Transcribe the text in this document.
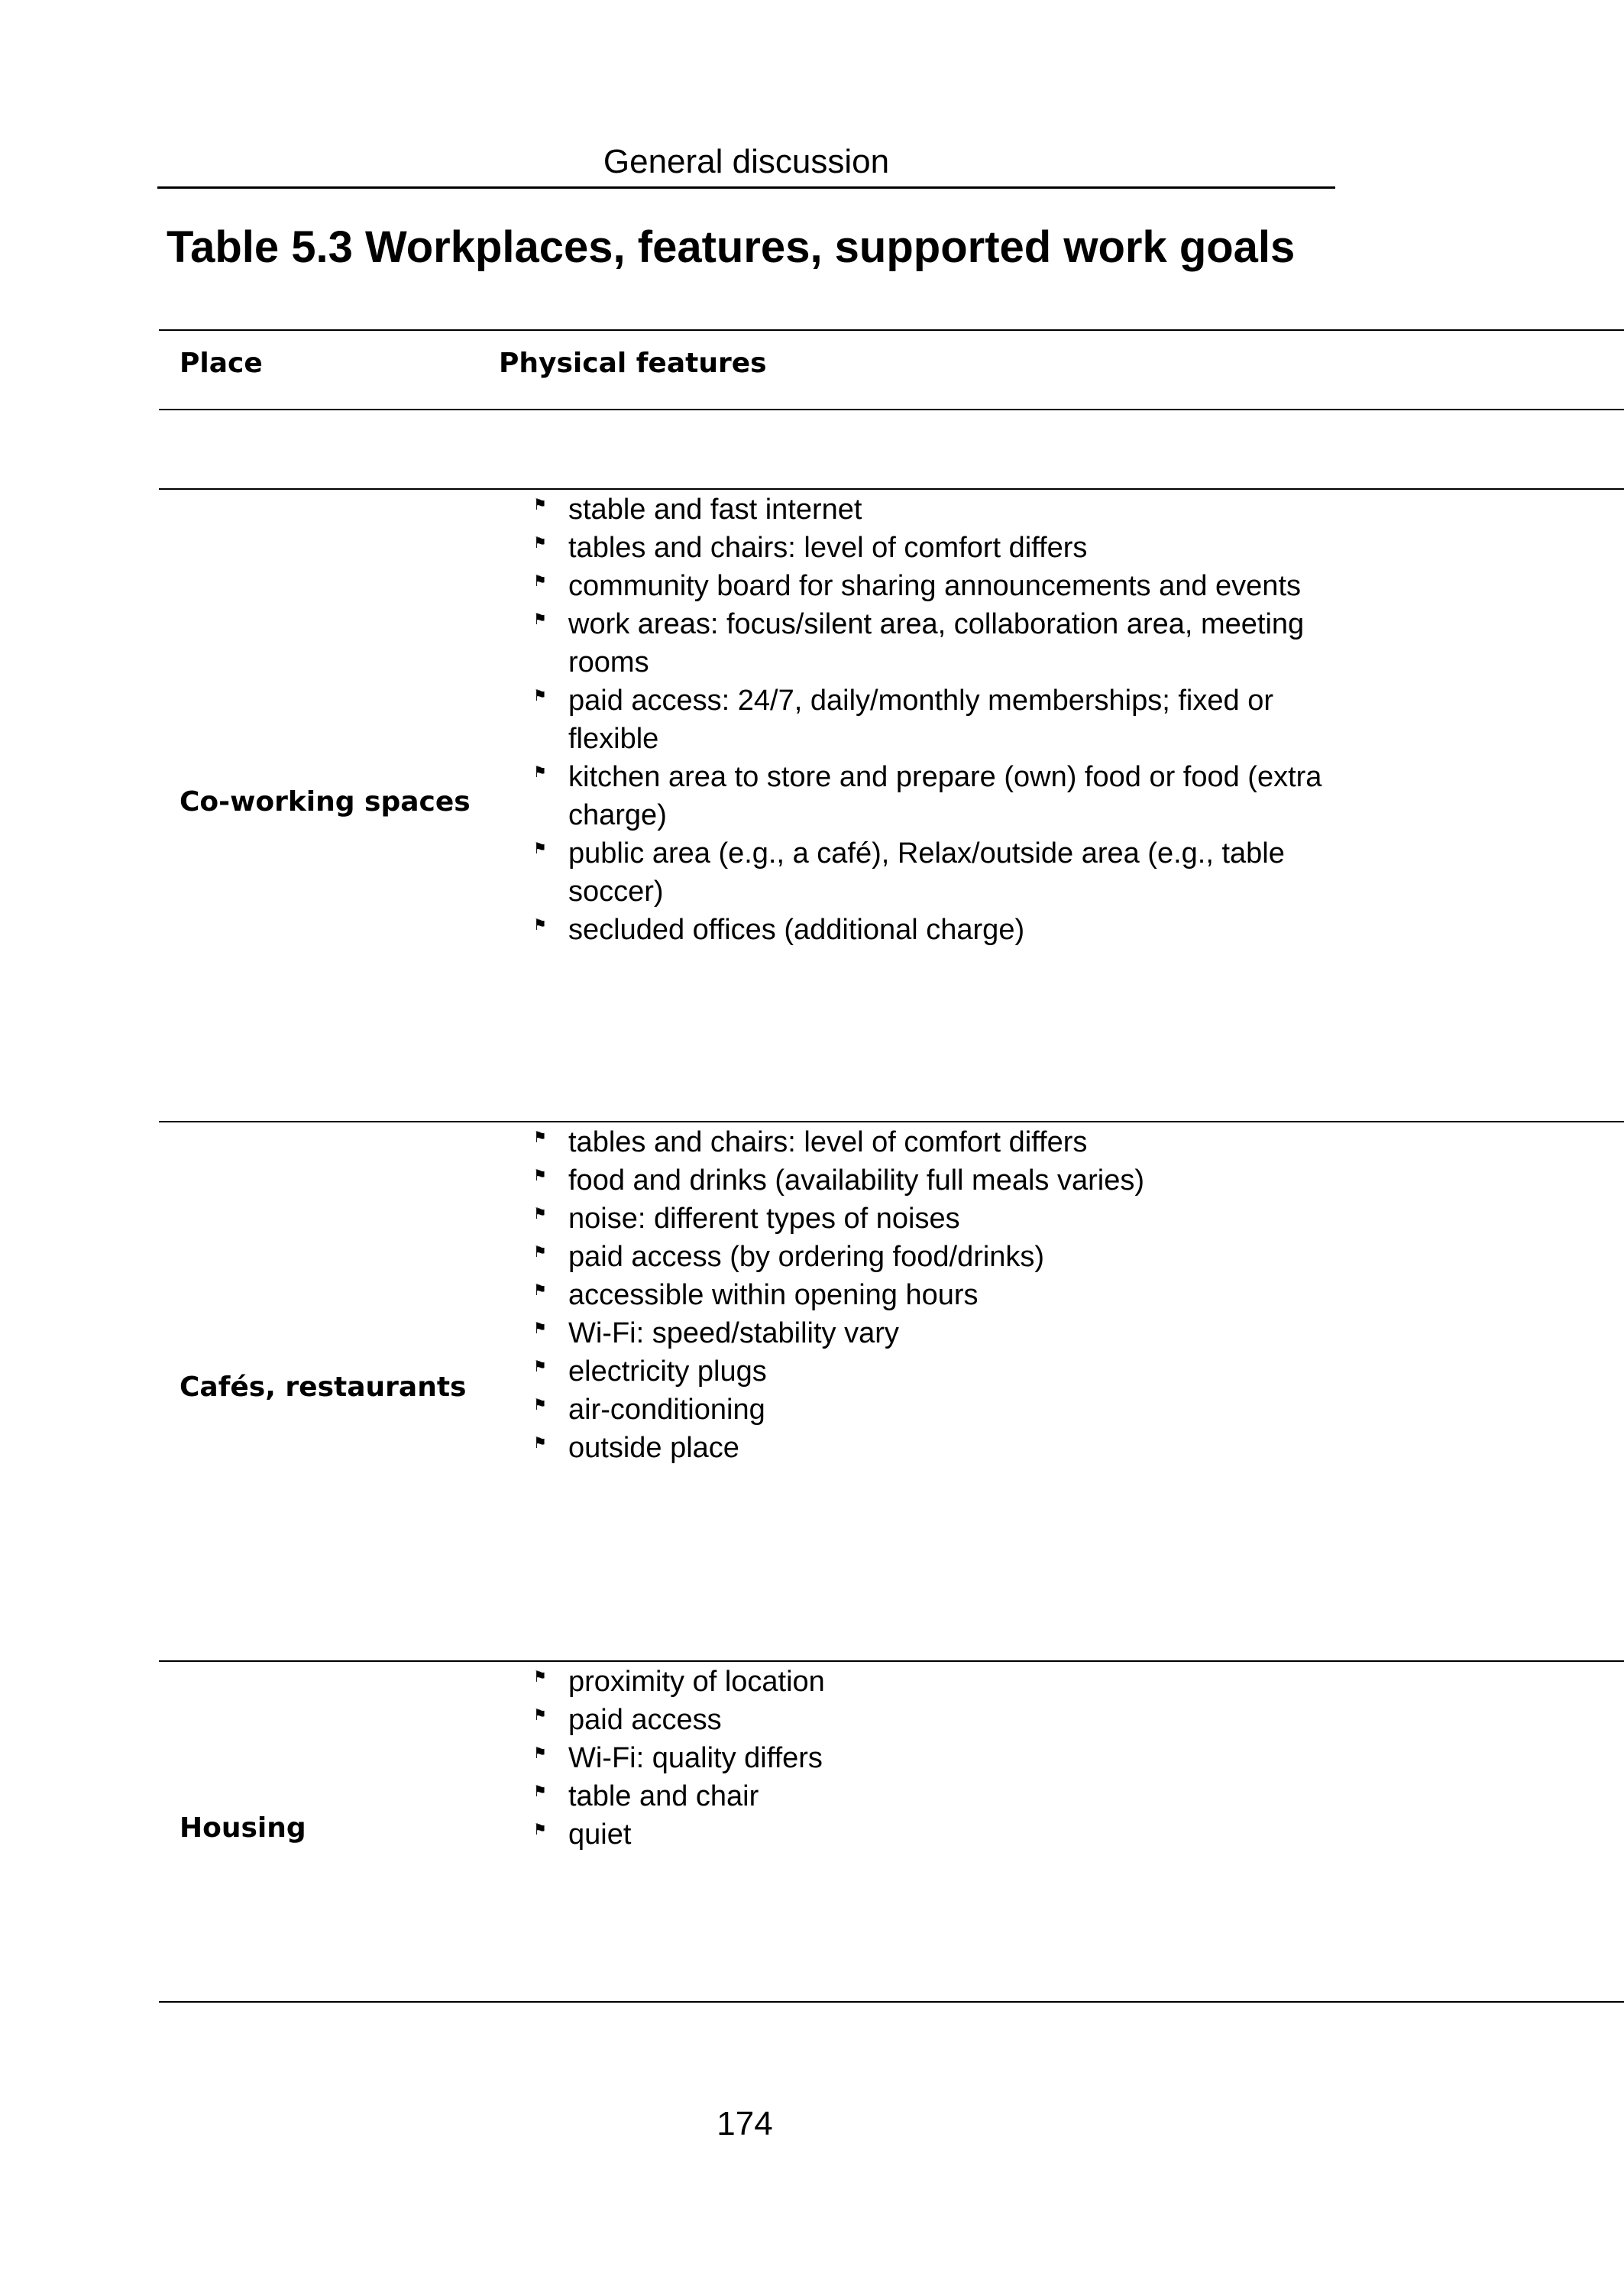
General discussion
Table 5.3 Workplaces, features, supported work goals
Place	Physical features
Co-working spaces
⚑ stable and fast internet
⚑ tables and chairs: level of comfort differs
⚑ community board for sharing announcements and events
⚑ work areas: focus/silent area, collaboration area, meeting rooms
⚑ paid access: 24/7, daily/monthly memberships; fixed or flexible
⚑ kitchen area to store and prepare (own) food or food (extra charge)
⚑ public area (e.g., a café), Relax/outside area (e.g., table soccer)
⚑ secluded offices (additional charge)
Cafés, restaurants
⚑ tables and chairs: level of comfort differs
⚑ food and drinks (availability full meals varies)
⚑ noise: different types of noises
⚑ paid access (by ordering food/drinks)
⚑ accessible within opening hours
⚑ Wi-Fi: speed/stability vary
⚑ electricity plugs
⚑ air-conditioning
⚑ outside place
Housing
⚑ proximity of location
⚑ paid access
⚑ Wi-Fi: quality differs
⚑ table and chair
⚑ quiet
174
